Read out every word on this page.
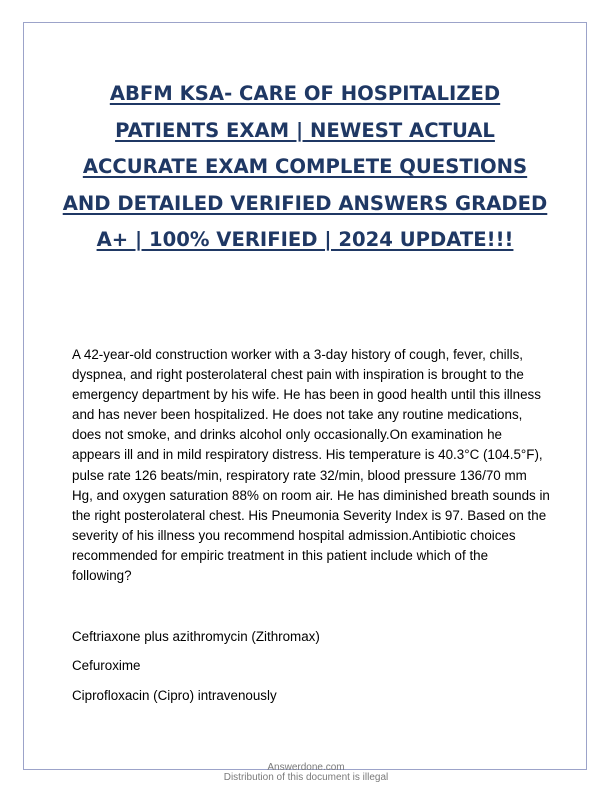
ABFM KSA- CARE OF HOSPITALIZED PATIENTS EXAM | NEWEST ACTUAL ACCURATE EXAM COMPLETE QUESTIONS AND DETAILED VERIFIED ANSWERS GRADED A+ | 100% VERIFIED | 2024 UPDATE!!!

A 42-year-old construction worker with a 3-day history of cough, fever, chills, dyspnea, and right posterolateral chest pain with inspiration is brought to the emergency department by his wife. He has been in good health until this illness and has never been hospitalized. He does not take any routine medications, does not smoke, and drinks alcohol only occasionally.On examination he appears ill and in mild respiratory distress. His temperature is 40.3°C (104.5°F), pulse rate 126 beats/min, respiratory rate 32/min, blood pressure 136/70 mm Hg, and oxygen saturation 88% on room air. He has diminished breath sounds in the right posterolateral chest. His Pneumonia Severity Index is 97. Based on the severity of his illness you recommend hospital admission.Antibiotic choices recommended for empiric treatment in this patient include which of the following?

Ceftriaxone plus azithromycin (Zithromax)
Cefuroxime
Ciprofloxacin (Cipro) intravenously
Answerdone.com
Distribution of this document is illegal
